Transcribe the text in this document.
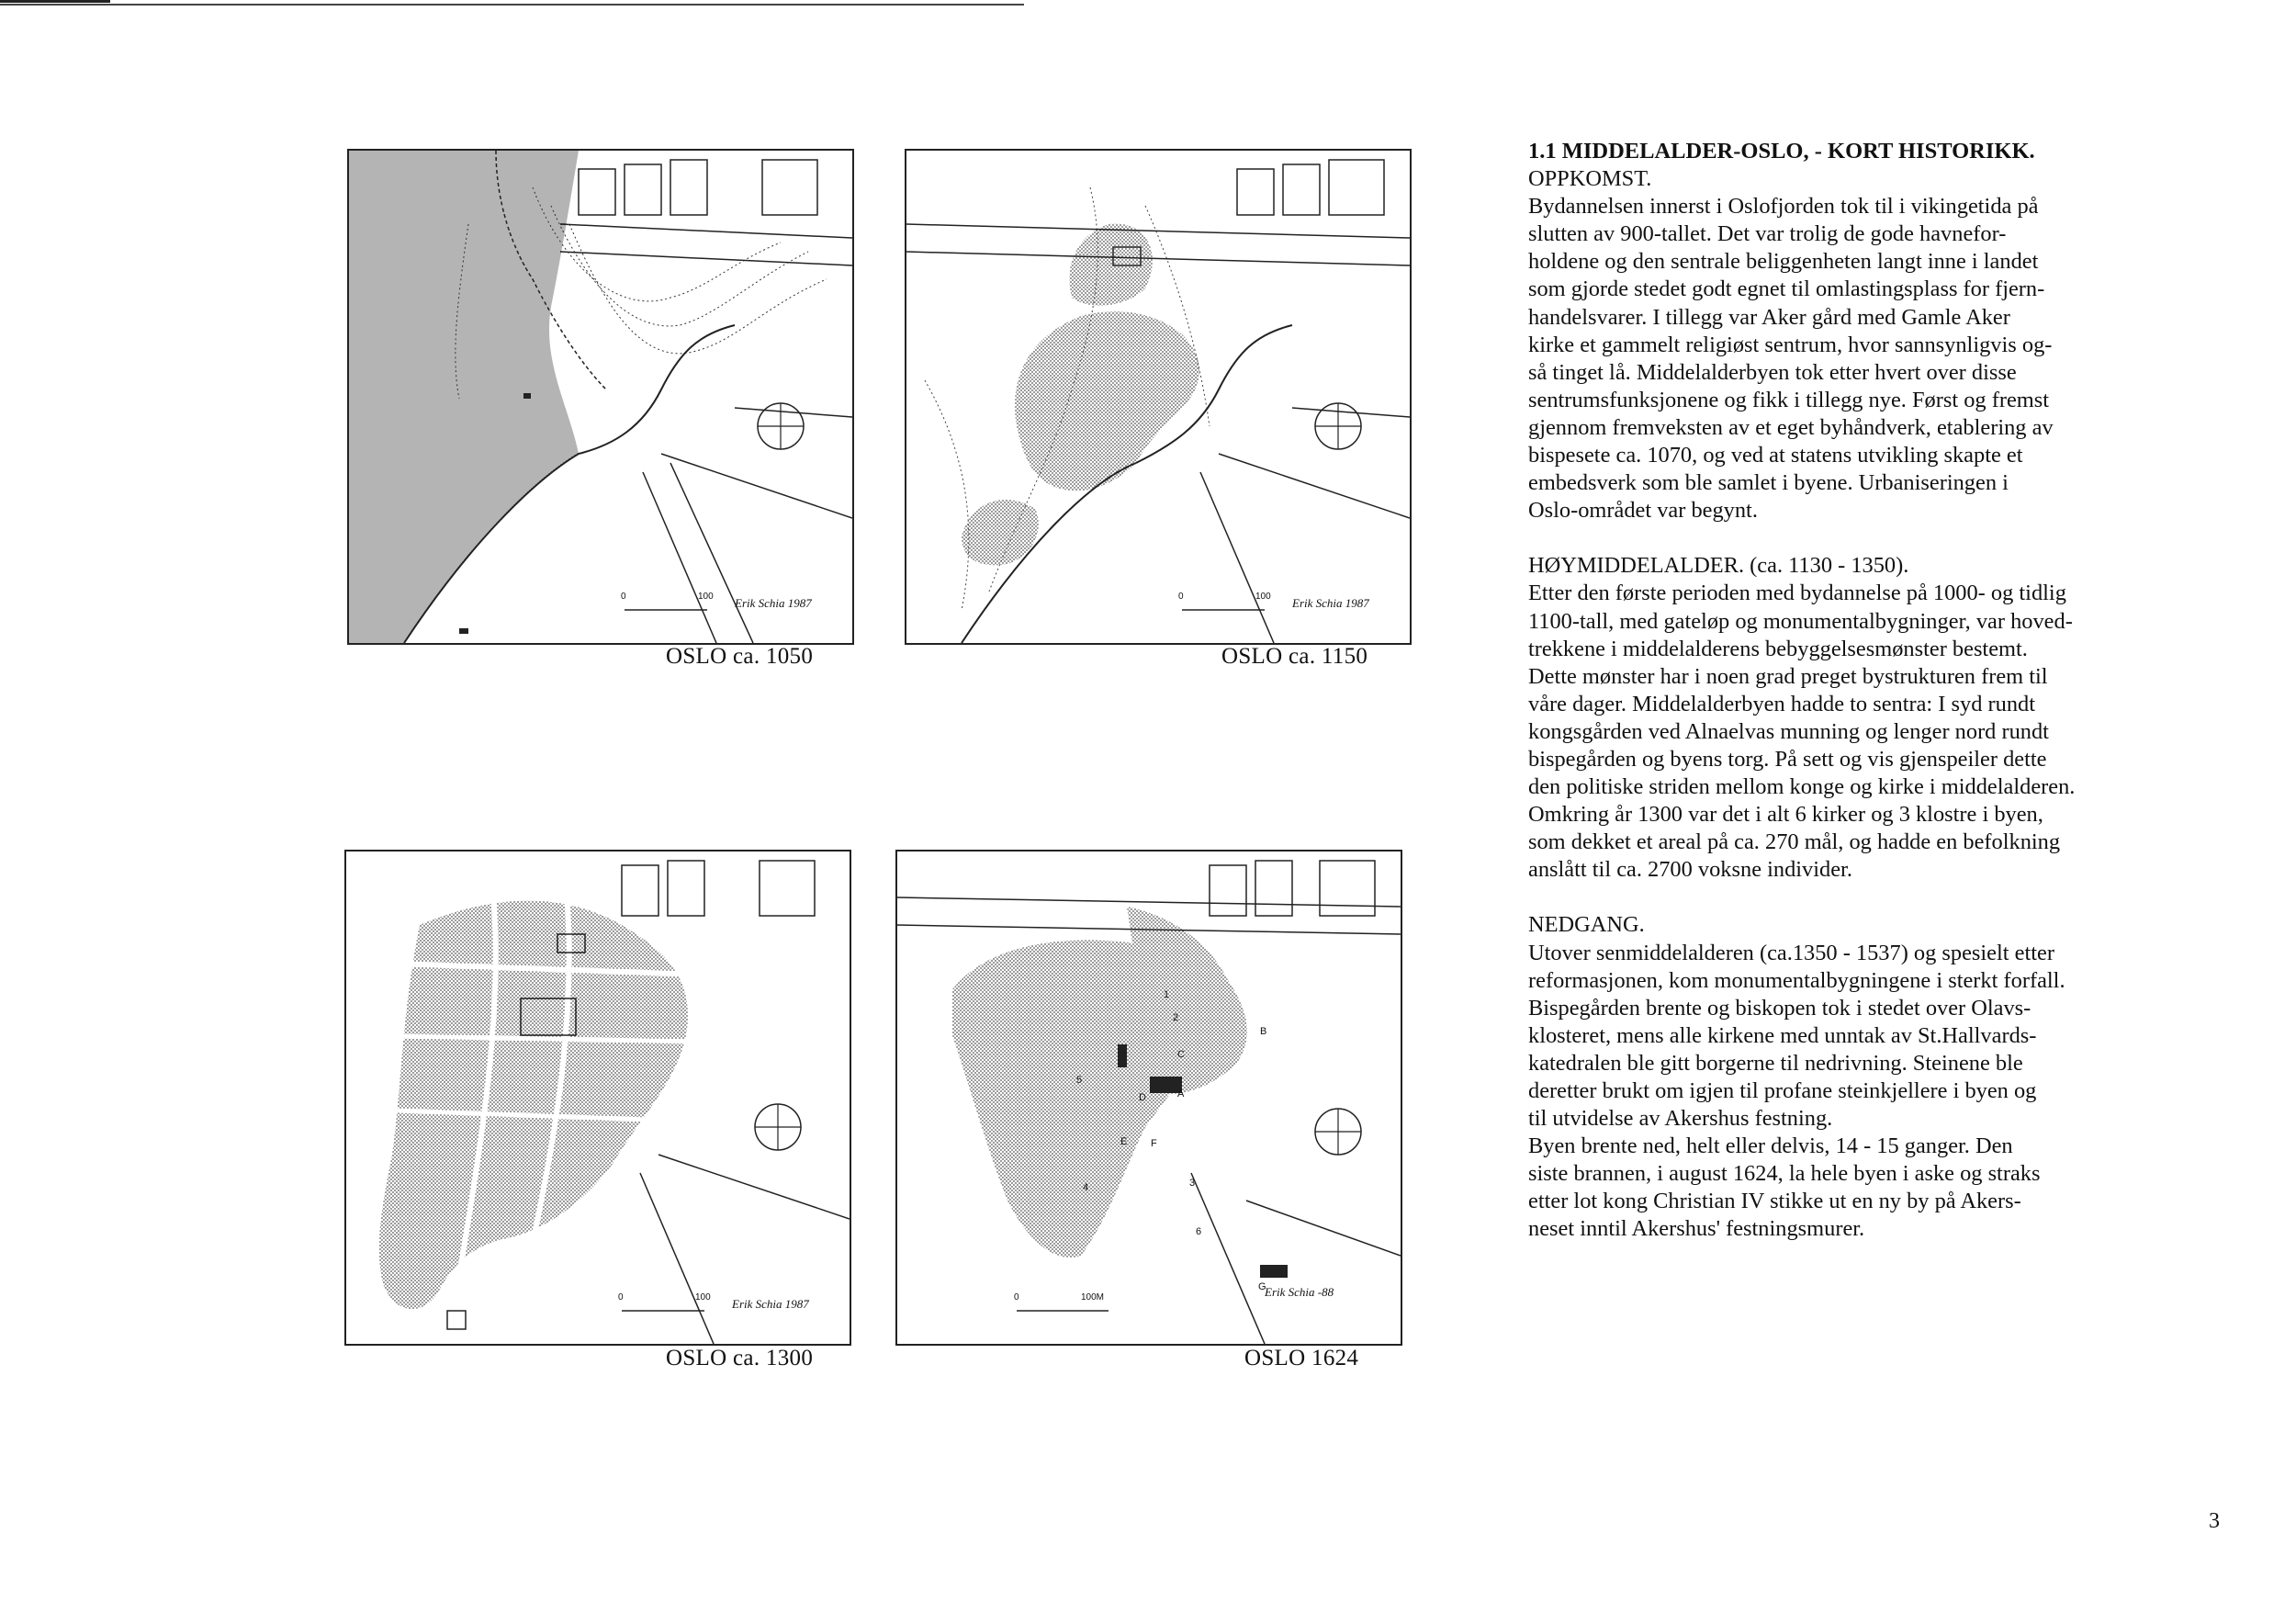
0	100 Erik Schia 1987
OSLO ca. 1050
0	100 Erik Schia 1987
OSLO ca. 1150
0	100 Erik Schia 1987
OSLO ca. 1300
A
B
C
D
E F
G
1
2
3
4
5
6
0	100M	Erik Schia -88
OSLO 1624

1.1 MIDDELALDER-OSLO, - KORT HISTORIKK.

OPPKOMST.

Bydannelsen innerst i Oslofjorden tok til i vikingetida på

slutten av 900-tallet. Det var trolig de gode havnefor-

holdene og den sentrale beliggenheten langt inne i landet

som gjorde stedet godt egnet til omlastingsplass for fjern-

handelsvarer. I tillegg var Aker gård med Gamle Aker

kirke et gammelt religiøst sentrum, hvor sannsynligvis og-

så tinget lå. Middelalderbyen tok etter hvert over disse

sentrumsfunksjonene og fikk i tillegg nye. Først og fremst

gjennom fremveksten av et eget byhåndverk, etablering av

bispesete ca. 1070, og ved at statens utvikling skapte et

embedsverk som ble samlet i byene. Urbaniseringen i

Oslo-området var begynt.

HØYMIDDELALDER. (ca. 1130 - 1350).

Etter den første perioden med bydannelse på 1000- og tidlig

1100-tall, med gateløp og monumentalbygninger, var hoved-

trekkene i middelalderens bebyggelsesmønster bestemt.

Dette mønster har i noen grad preget bystrukturen frem til

våre dager. Middelalderbyen hadde to sentra: I syd rundt

kongsgården ved Alnaelvas munning og lenger nord rundt

bispegården og byens torg. På sett og vis gjenspeiler dette

den politiske striden mellom konge og kirke i middelalderen.

Omkring år 1300 var det i alt 6 kirker og 3 klostre i byen,

som dekket et areal på ca. 270 mål, og hadde en befolkning

anslått til ca. 2700 voksne individer.

NEDGANG.

Utover senmiddelalderen (ca.1350 - 1537) og spesielt etter

reformasjonen, kom monumentalbygningene i sterkt forfall.

Bispegården brente og biskopen tok i stedet over Olavs-

klosteret, mens alle kirkene med unntak av St.Hallvards-

katedralen ble gitt borgerne til nedrivning. Steinene ble

deretter brukt om igjen til profane steinkjellere i byen og

til utvidelse av Akershus festning.

Byen brente ned, helt eller delvis, 14 - 15 ganger. Den

siste brannen, i august 1624, la hele byen i aske og straks

etter lot kong Christian IV stikke ut en ny by på Akers-

neset inntil Akershus' festningsmurer.

3
